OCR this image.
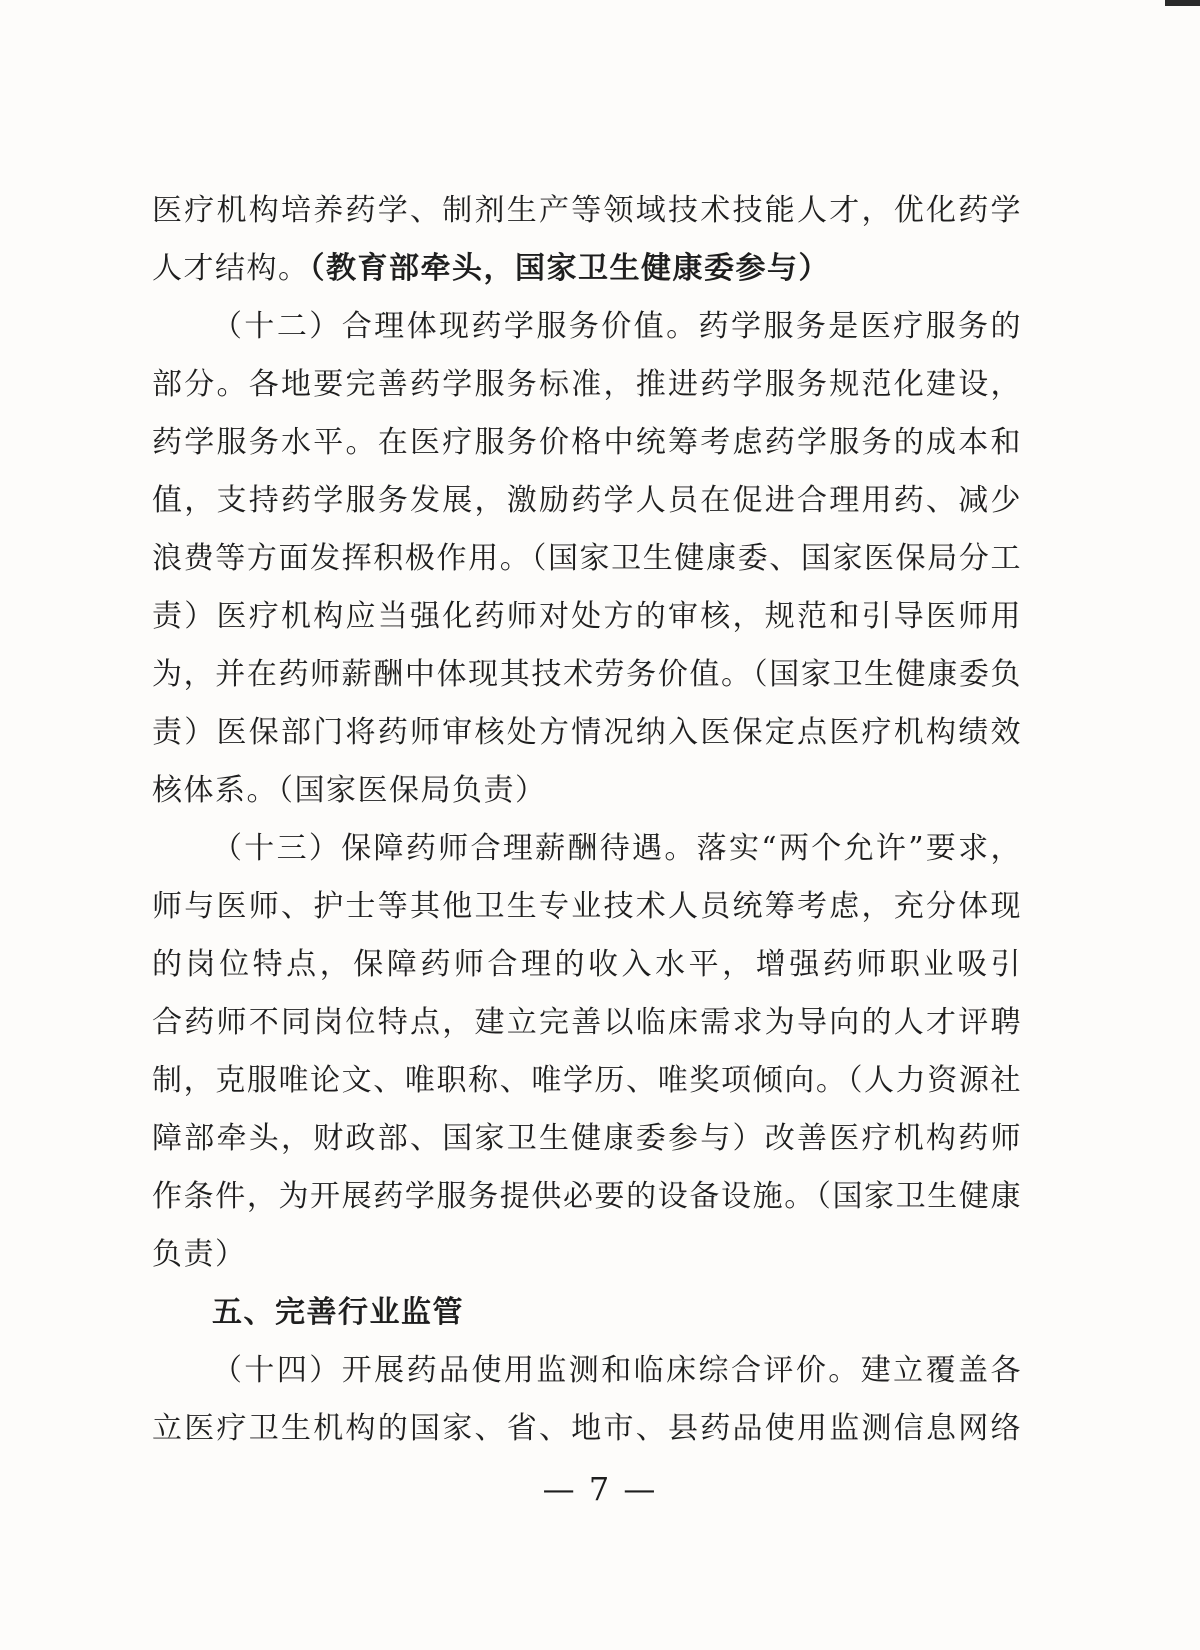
医疗机构培养药学、制剂生产等领域技术技能人才，优化药学
人才结构。（教育部牵头，国家卫生健康委参与）
（十二）合理体现药学服务价值。药学服务是医疗服务的
部分。各地要完善药学服务标准，推进药学服务规范化建设，
药学服务水平。在医疗服务价格中统筹考虑药学服务的成本和
值，支持药学服务发展，激励药学人员在促进合理用药、减少
浪费等方面发挥积极作用。（国家卫生健康委、国家医保局分工
责）医疗机构应当强化药师对处方的审核，规范和引导医师用
为，并在药师薪酬中体现其技术劳务价值。（国家卫生健康委负
责）医保部门将药师审核处方情况纳入医保定点医疗机构绩效
核体系。（国家医保局负责）
（十三）保障药师合理薪酬待遇。落实“两个允许”要求，
师与医师、护士等其他卫生专业技术人员统筹考虑，充分体现
的岗位特点，保障药师合理的收入水平，增强药师职业吸引
合药师不同岗位特点，建立完善以临床需求为导向的人才评聘
制，克服唯论文、唯职称、唯学历、唯奖项倾向。（人力资源社
障部牵头，财政部、国家卫生健康委参与）改善医疗机构药师
作条件，为开展药学服务提供必要的设备设施。（国家卫生健康
负责）
五、完善行业监管
（十四）开展药品使用监测和临床综合评价。建立覆盖各
立医疗卫生机构的国家、省、地市、县药品使用监测信息网络
— 7 —
